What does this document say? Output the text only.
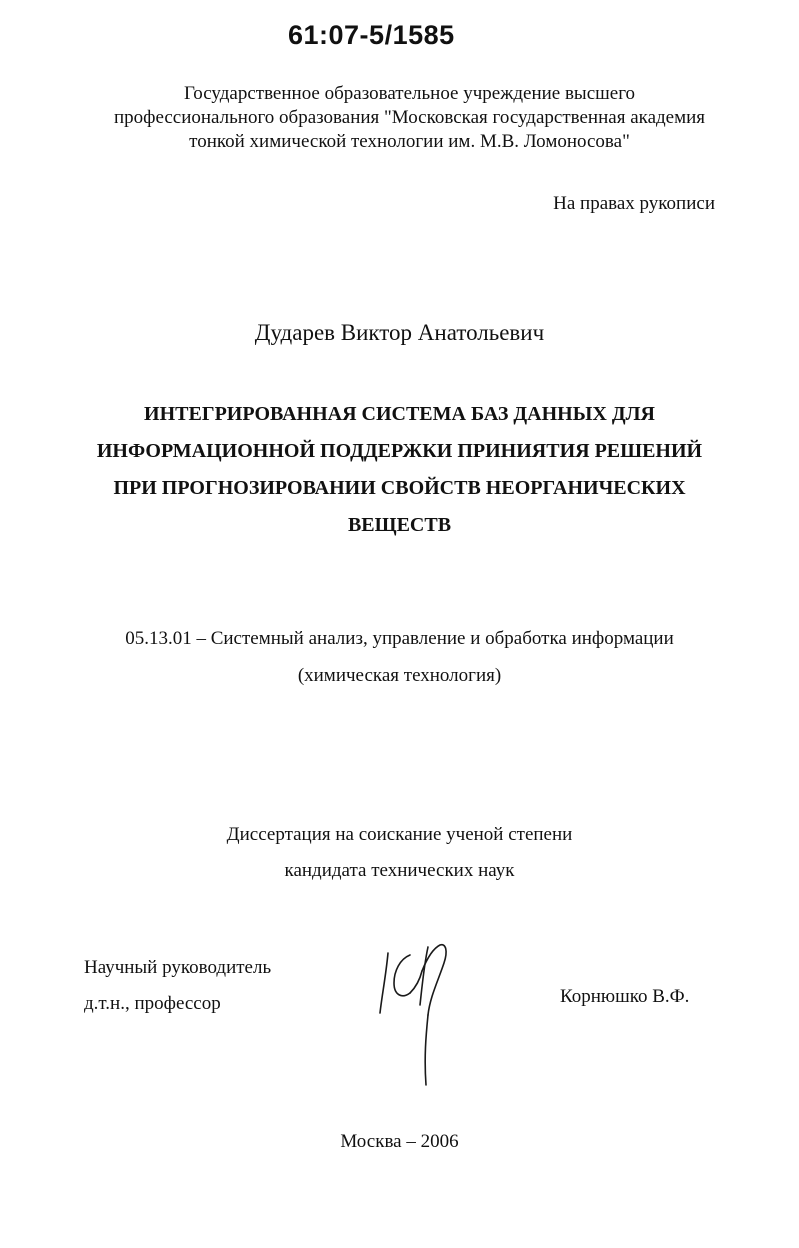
61:07-5/1585
Государственное образовательное учреждение высшего
профессионального образования "Московская государственная академия
тонкой химической технологии им. М.В. Ломоносова"
На правах рукописи
Дударев Виктор Анатольевич
ИНТЕГРИРОВАННАЯ СИСТЕМА БАЗ ДАННЫХ ДЛЯ
ИНФОРМАЦИОННОЙ ПОДДЕРЖКИ ПРИНИЯТИЯ РЕШЕНИЙ
ПРИ ПРОГНОЗИРОВАНИИ СВОЙСТВ НЕОРГАНИЧЕСКИХ
ВЕЩЕСТВ
05.13.01 – Системный анализ, управление и обработка информации
(химическая технология)
Диссертация на соискание ученой степени
кандидата технических наук
Научный руководитель
д.т.н., профессор	Корнюшко В.Ф.
Москва – 2006
